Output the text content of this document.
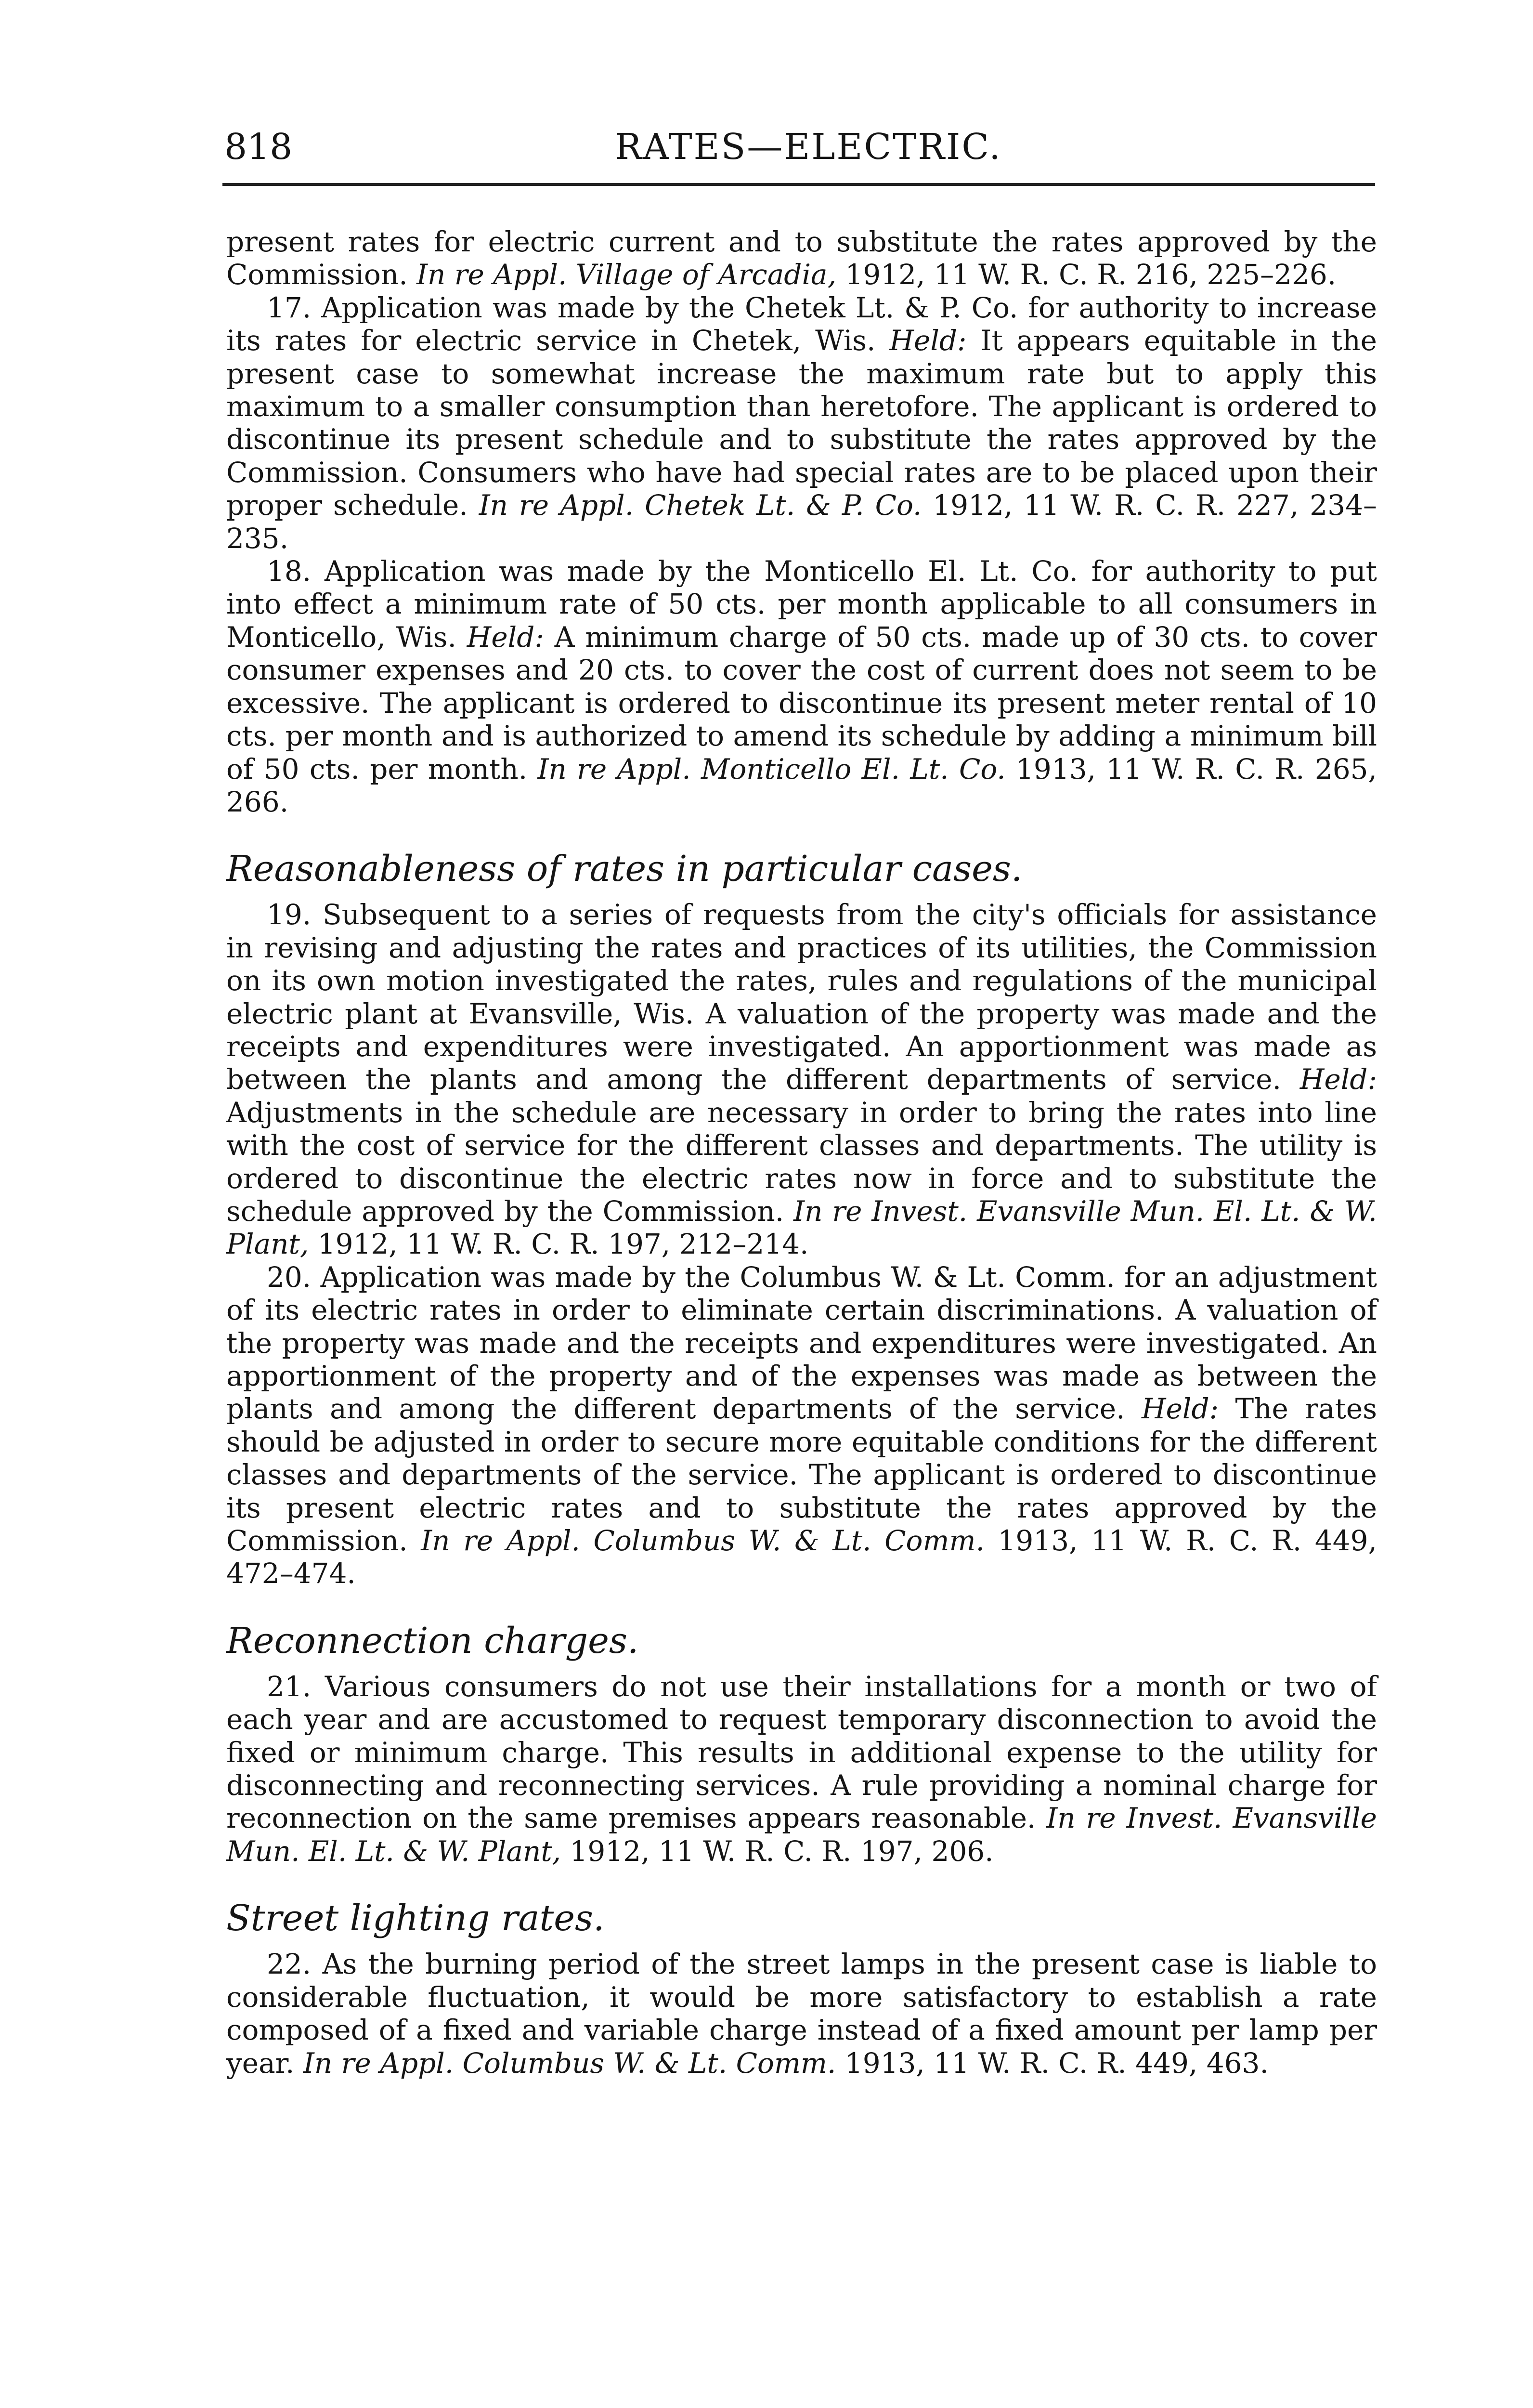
818	RATES—ELECTRIC.

present rates for electric current and to substitute the rates approved by the Commission. In re Appl. Village of Arcadia, 1912, 11 W. R. C. R. 216, 225–226.

17. Application was made by the Chetek Lt. & P. Co. for authority to increase its rates for electric service in Chetek, Wis. Held: It appears equitable in the present case to somewhat increase the maximum rate but to apply this maximum to a smaller consumption than heretofore. The applicant is ordered to discontinue its present schedule and to substitute the rates approved by the Commission. Consumers who have had special rates are to be placed upon their proper schedule. In re Appl. Chetek Lt. & P. Co. 1912, 11 W. R. C. R. 227, 234–235.

18. Application was made by the Monticello El. Lt. Co. for authority to put into effect a minimum rate of 50 cts. per month applicable to all consumers in Monticello, Wis. Held: A minimum charge of 50 cts. made up of 30 cts. to cover consumer expenses and 20 cts. to cover the cost of current does not seem to be excessive. The applicant is ordered to discontinue its present meter rental of 10 cts. per month and is authorized to amend its schedule by adding a minimum bill of 50 cts. per month. In re Appl. Monticello El. Lt. Co. 1913, 11 W. R. C. R. 265, 266.

Reasonableness of rates in particular cases.

19. Subsequent to a series of requests from the city's officials for assistance in revising and adjusting the rates and practices of its utilities, the Commission on its own motion investigated the rates, rules and regulations of the municipal electric plant at Evansville, Wis. A valuation of the property was made and the receipts and expenditures were investigated. An apportionment was made as between the plants and among the different departments of service. Held: Adjustments in the schedule are necessary in order to bring the rates into line with the cost of service for the different classes and departments. The utility is ordered to discontinue the electric rates now in force and to substitute the schedule approved by the Commission. In re Invest. Evansville Mun. El. Lt. & W. Plant, 1912, 11 W. R. C. R. 197, 212–214.

20. Application was made by the Columbus W. & Lt. Comm. for an adjustment of its electric rates in order to eliminate certain discriminations. A valuation of the property was made and the receipts and expenditures were investigated. An apportionment of the property and of the expenses was made as between the plants and among the different departments of the service. Held: The rates should be adjusted in order to secure more equitable conditions for the different classes and departments of the service. The applicant is ordered to discontinue its present electric rates and to substitute the rates approved by the Commission. In re Appl. Columbus W. & Lt. Comm. 1913, 11 W. R. C. R. 449, 472–474.

Reconnection charges.

21. Various consumers do not use their installations for a month or two of each year and are accustomed to request temporary disconnection to avoid the fixed or minimum charge. This results in additional expense to the utility for disconnecting and reconnecting services. A rule providing a nominal charge for reconnection on the same premises appears reasonable. In re Invest. Evansville Mun. El. Lt. & W. Plant, 1912, 11 W. R. C. R. 197, 206.

Street lighting rates.

22. As the burning period of the street lamps in the present case is liable to considerable fluctuation, it would be more satisfactory to establish a rate composed of a fixed and variable charge instead of a fixed amount per lamp per year. In re Appl. Columbus W. & Lt. Comm. 1913, 11 W. R. C. R. 449, 463.
